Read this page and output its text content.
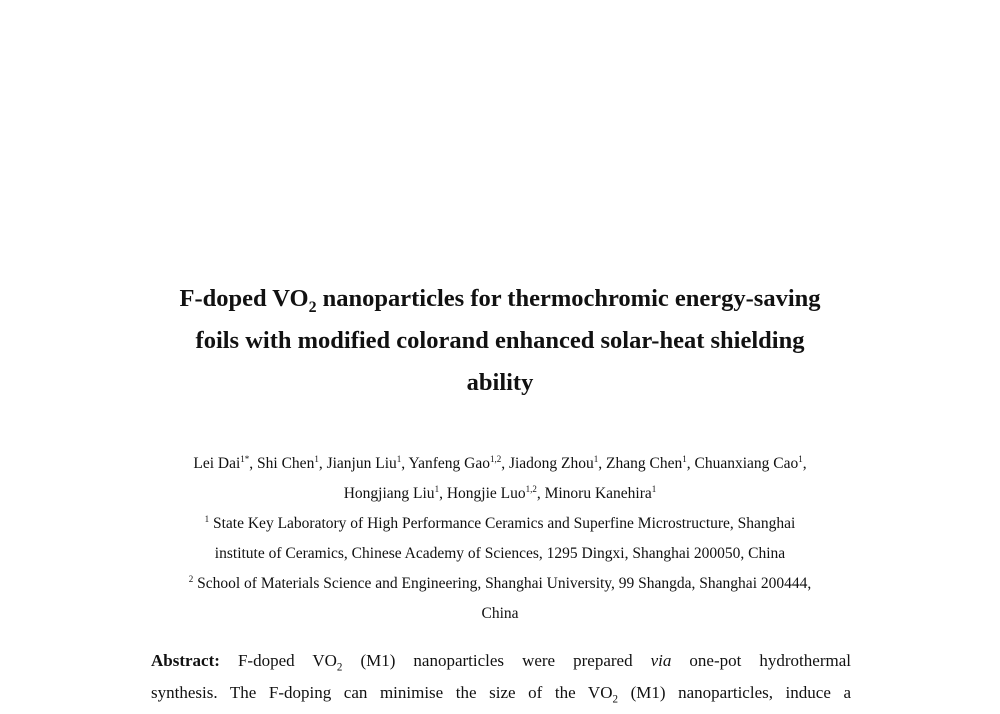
F-doped $VO_2$ nanoparticles for thermochromic energy-saving
foils with modified colorand enhanced solar-heat shielding
ability
Lei Dai$^{1*}$, Shi Chen$^1$, Jianjun Liu$^1$, Yanfeng Gao$^{1,2}$, Jiadong Zhou$^1$, Zhang Chen$^1$, Chuanxiang Cao$^1$,
Hongjiang Liu$^1$, Hongjie Luo$^{1,2}$, Minoru Kanehira$^1$
$^1$ State Key Laboratory of High Performance Ceramics and Superfine Microstructure, Shanghai
institute of Ceramics, Chinese Academy of Sciences, 1295 Dingxi, Shanghai 200050, China
$^2$ School of Materials Science and Engineering, Shanghai University, 99 Shangda, Shanghai 200444,
China
Abstract: F-doped $VO_2$ (M1) nanoparticles were prepared via one-pot hydrothermal
synthesis. The F-doping can minimise the size of the $VO_2$ (M1) nanoparticles, induce a
